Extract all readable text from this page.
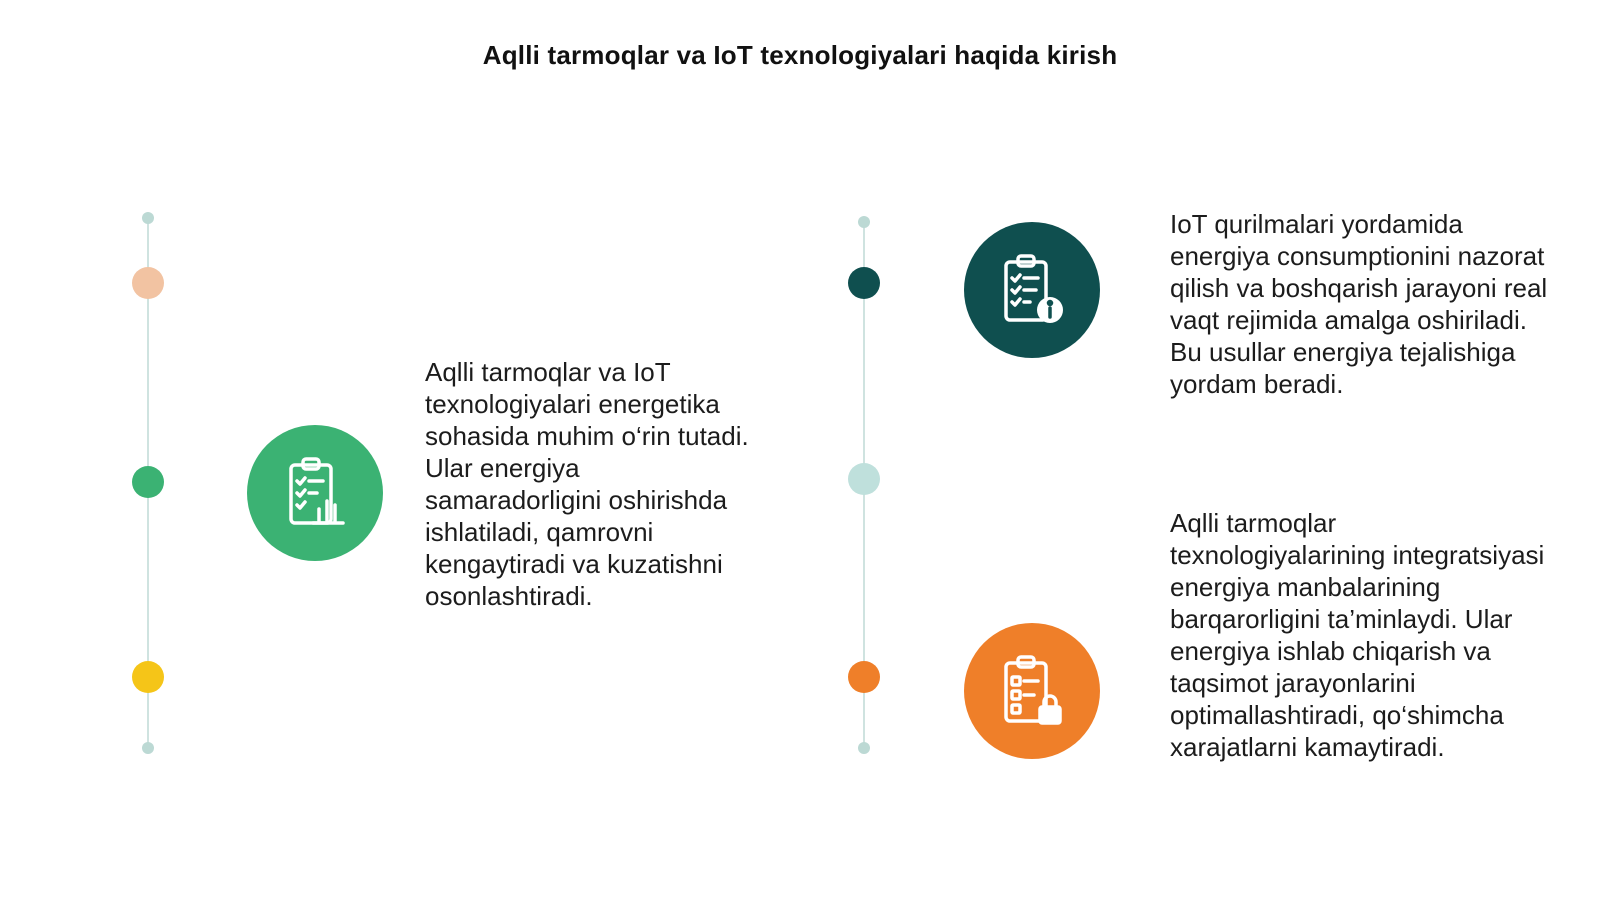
Aqlli tarmoqlar va IoT texnologiyalari haqida kirish
Aqlli tarmoqlar va IoT texnologiyalari energetika sohasida muhim o‘rin tutadi. Ular energiya samaradorligini oshirishda ishlatiladi, qamrovni kengaytiradi va kuzatishni osonlashtiradi.
IoT qurilmalari yordamida energiya consumptionini nazorat qilish va boshqarish jarayoni real vaqt rejimida amalga oshiriladi. Bu usullar energiya tejalishiga yordam beradi.
Aqlli tarmoqlar texnologiyalarining integratsiyasi energiya manbalarining barqarorligini ta’minlaydi. Ular energiya ishlab chiqarish va taqsimot jarayonlarini optimallashtiradi, qo‘shimcha xarajatlarni kamaytiradi.
